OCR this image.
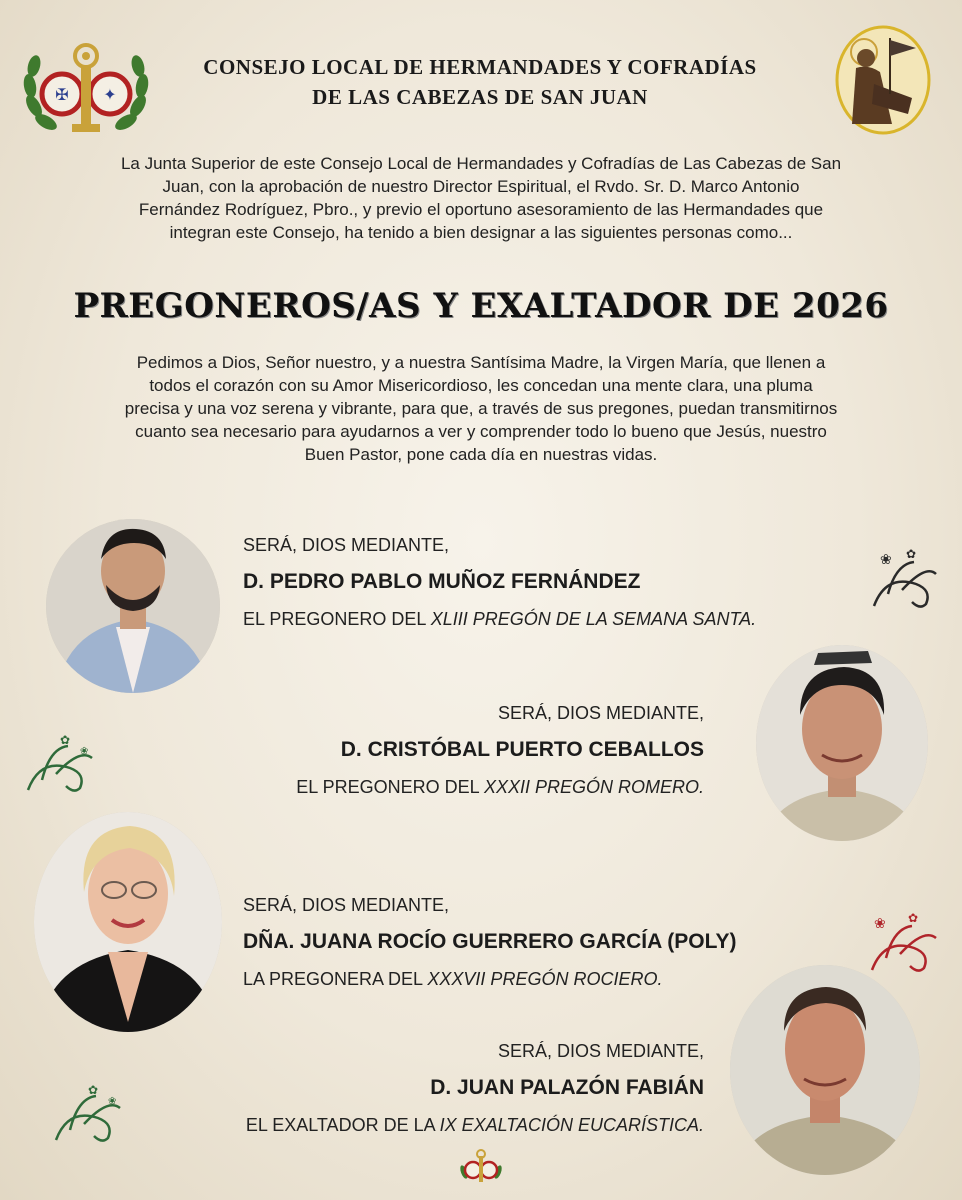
✠ ✦
CONSEJO LOCAL DE HERMANDADES Y COFRADÍAS
DE LAS CABEZAS DE SAN JUAN
La Junta Superior de este Consejo Local de Hermandades y Cofradías de Las Cabezas de San
Juan, con la aprobación de nuestro Director Espiritual, el Rvdo. Sr. D. Marco Antonio
Fernández Rodríguez, Pbro., y previo el oportuno asesoramiento de las Hermandades que
integran este Consejo, ha tenido a bien designar a las siguientes personas como...
PREGONEROS/AS Y EXALTADOR DE 2026
Pedimos a Dios, Señor nuestro, y a nuestra Santísima Madre, la Virgen María, que llenen a
todos el corazón con su Amor Misericordioso, les concedan una mente clara, una pluma
precisa y una voz serena y vibrante, para que, a través de sus pregones, puedan transmitirnos
cuanto sea necesario para ayudarnos a ver y comprender todo lo bueno que Jesús, nuestro
Buen Pastor, pone cada día en nuestras vidas.
SERÁ, DIOS MEDIANTE,
D. PEDRO PABLO MUÑOZ FERNÁNDEZ
EL PREGONERO DEL XLIII PREGÓN DE LA SEMANA SANTA.
SERÁ, DIOS MEDIANTE,
D. CRISTÓBAL PUERTO CEBALLOS
EL PREGONERO DEL XXXII PREGÓN ROMERO.
SERÁ, DIOS MEDIANTE,
DÑA. JUANA ROCÍO GUERRERO GARCÍA (POLY)
LA PREGONERA DEL XXXVII PREGÓN ROCIERO.
SERÁ, DIOS MEDIANTE,
D. JUAN PALAZÓN FABIÁN
EL EXALTADOR DE LA IX EXALTACIÓN EUCARÍSTICA.
❀ ✿
✿
❀
❀ ✿
✿
❀
